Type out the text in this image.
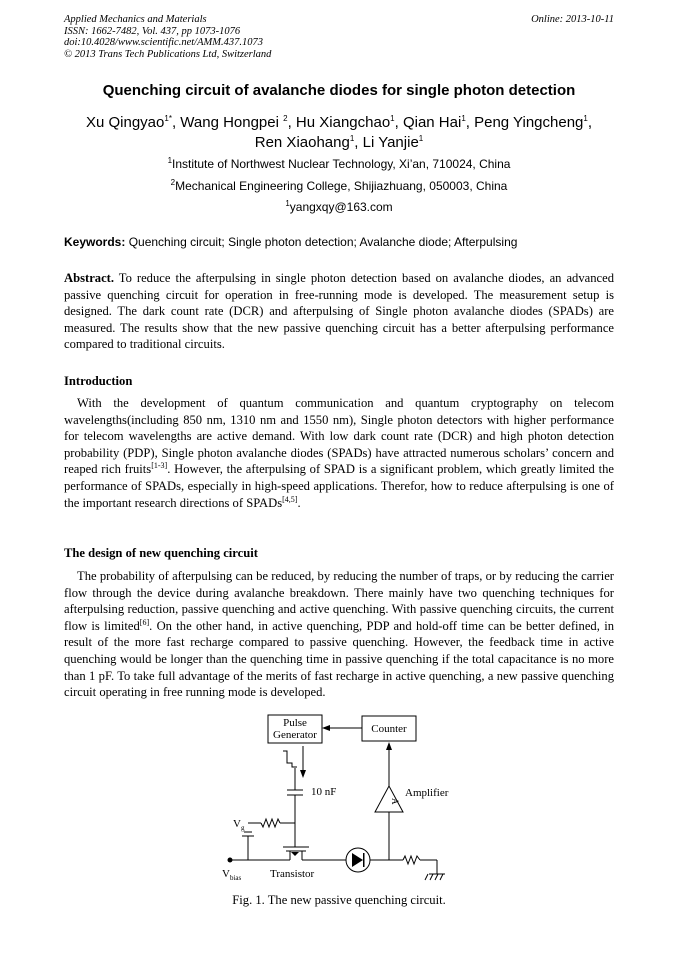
Applied Mechanics and Materials
ISSN: 1662-7482, Vol. 437, pp 1073-1076
doi:10.4028/www.scientific.net/AMM.437.1073
© 2013 Trans Tech Publications Ltd, Switzerland
Online: 2013-10-11
Quenching circuit of avalanche diodes for single photon detection
Xu Qingyao$^{1*}$, Wang Hongpei $^2$, Hu Xiangchao$^1$, Qian Hai$^1$, Peng Yingcheng$^1$,
Ren Xiaohang$^1$, Li Yanjie$^1$
$^1$Institute of Northwest Nuclear Technology, Xi’an, 710024, China
$^2$Mechanical Engineering College, Shijiazhuang, 050003, China
$^1$yangxqy@163.com
Keywords: Quenching circuit; Single photon detection; Avalanche diode; Afterpulsing
Abstract. To reduce the afterpulsing in single photon detection based on avalanche diodes, an advanced passive quenching circuit for operation in free-running mode is developed. The measurement setup is designed. The dark count rate (DCR) and afterpulsing of Single photon avalanche diodes (SPADs) are measured. The results show that the new passive quenching circuit has a better afterpulsing performance compared to traditional circuits.
Introduction
With the development of quantum communication and quantum cryptography on telecom wavelengths(including 850 nm, 1310 nm and 1550 nm), Single photon detectors with higher performance for telecom wavelengths are active demand. With low dark count rate (DCR) and high photon detection probability (PDP), Single photon avalanche diodes (SPADs) have attracted numerous scholars’ concern and reaped rich fruits[1-3]. However, the afterpulsing of SPAD is a significant problem, which greatly limited the performance of SPADs, especially in high-speed applications. Therefor, how to reduce afterpulsing is one of the important research directions of SPADs[4,5].
The design of new quenching circuit
The probability of afterpulsing can be reduced, by reducing the number of traps, or by reducing the carrier flow through the device during avalanche breakdown. There mainly have two quenching techniques for afterpulsing reduction, passive quenching and active quenching. With passive quenching circuits, the current flow is limited[6]. On the other hand, in active quenching, PDP and hold-off time can be better defined, in result of the more fast recharge compared to passive quenching. However, the feedback time in active quenching would be longer than the quenching time in passive quenching if the total capacitance is no more than 1 pF. To take full advantage of the merits of fast recharge in active quenching, a new passive quenching circuit operating in free running mode is developed.
Pulse
Generator	Counter
10 nF	Amplifier
A
$V_g$
$V_{bias}$	Transistor
Fig. 1. The new passive quenching circuit.
